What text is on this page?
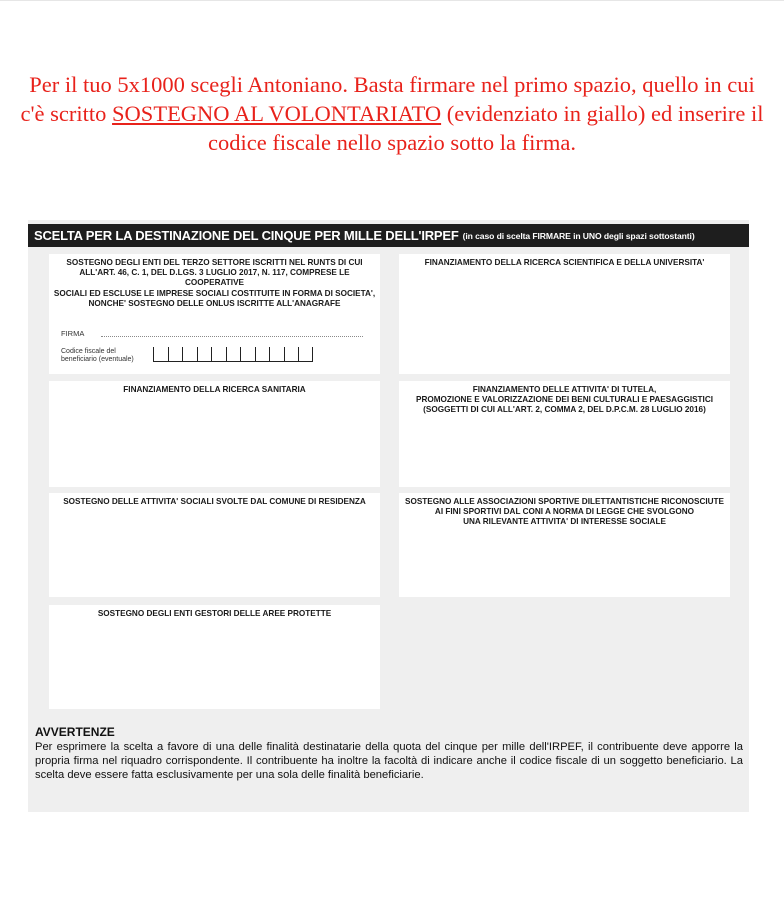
Per il tuo 5x1000 scegli Antoniano. Basta firmare nel primo spazio, quello in cui c'è scritto SOSTEGNO AL VOLONTARIATO (evidenziato in giallo) ed inserire il codice fiscale nello spazio sotto la firma.
SCELTA PER LA DESTINAZIONE DEL CINQUE PER MILLE DELL'IRPEF (in caso di scelta FIRMARE in UNO degli spazi sottostanti)
SOSTEGNO DEGLI ENTI DEL TERZO SETTORE ISCRITTI NEL RUNTS DI CUI
ALL'ART. 46, C. 1, DEL D.LGS. 3 LUGLIO 2017, N. 117, COMPRESE LE COOPERATIVE
SOCIALI ED ESCLUSE LE IMPRESE SOCIALI COSTITUITE IN FORMA DI SOCIETA',
NONCHE' SOSTEGNO DELLE ONLUS ISCRITTE ALL'ANAGRAFE
FIRMA
Codice fiscale del
beneficiario (eventuale)
FINANZIAMENTO DELLA RICERCA SCIENTIFICA E DELLA UNIVERSITA'
FINANZIAMENTO DELLA RICERCA SANITARIA	FINANZIAMENTO DELLE ATTIVITA' DI TUTELA,
PROMOZIONE E VALORIZZAZIONE DEI BENI CULTURALI E PAESAGGISTICI
(SOGGETTI DI CUI ALL'ART. 2, COMMA 2, DEL D.P.C.M. 28 LUGLIO 2016)
SOSTEGNO DELLE ATTIVITA' SOCIALI SVOLTE DAL COMUNE DI RESIDENZA	SOSTEGNO ALLE ASSOCIAZIONI SPORTIVE DILETTANTISTICHE RICONOSCIUTE
AI FINI SPORTIVI DAL CONI A NORMA DI LEGGE CHE SVOLGONO
UNA RILEVANTE ATTIVITA' DI INTERESSE SOCIALE
SOSTEGNO DEGLI ENTI GESTORI DELLE AREE PROTETTE
AVVERTENZE
Per esprimere la scelta a favore di una delle finalità destinatarie della quota del cinque per mille dell'IRPEF, il contribuente deve apporre la propria firma nel riquadro corrispondente. Il contribuente ha inoltre la facoltà di indicare anche il codice fiscale di un soggetto beneficiario. La scelta deve essere fatta esclusivamente per una sola delle finalità beneficiarie.
